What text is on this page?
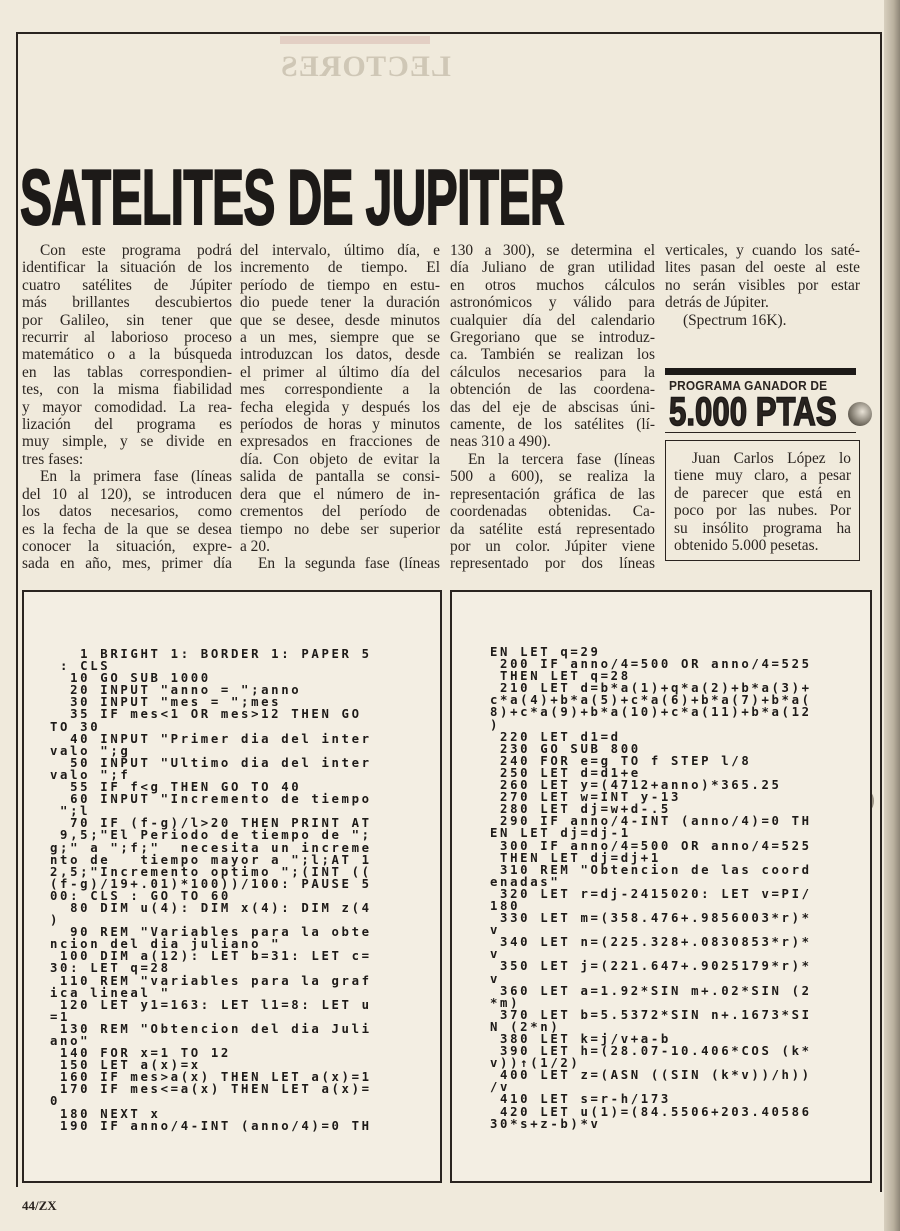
LECTORES
SATELITES DE JUPITER
Con este programa podrá
identificar la situación de los
cuatro satélites de Júpiter
más brillantes descubiertos
por Galileo, sin tener que
recurrir al laborioso proceso
matemático o a la búsqueda
en las tablas correspondien-
tes, con la misma fiabilidad
y mayor comodidad. La rea-
lización del programa es
muy simple, y se divide en
tres fases:
En la primera fase (líneas
del 10 al 120), se introducen
los datos necesarios, como
es la fecha de la que se desea
conocer la situación, expre-
sada en año, mes, primer día
del intervalo, último día, e
incremento de tiempo. El
período de tiempo en estu-
dio puede tener la duración
que se desee, desde minutos
a un mes, siempre que se
introduzcan los datos, desde
el primer al último día del
mes correspondiente a la
fecha elegida y después los
períodos de horas y minutos
expresados en fracciones de
día. Con objeto de evitar la
salida de pantalla se consi-
dera que el número de in-
crementos del período de
tiempo no debe ser superior
a 20.
En la segunda fase (líneas
130 a 300), se determina el
día Juliano de gran utilidad
en otros muchos cálculos
astronómicos y válido para
cualquier día del calendario
Gregoriano que se introduz-
ca. También se realizan los
cálculos necesarios para la
obtención de las coordena-
das del eje de abscisas úni-
camente, de los satélites (lí-
neas 310 a 490).
En la tercera fase (líneas
500 a 600), se realiza la
representación gráfica de las
coordenadas obtenidas. Ca-
da satélite está representado
por un color. Júpiter viene
representado por dos líneas
verticales, y cuando los saté-
lites pasan del oeste al este
no serán visibles por estar
detrás de Júpiter.
(Spectrum 16K).
PROGRAMA GANADOR DE
5.000 PTAS
Juan Carlos López lo
tiene muy claro, a pesar
de parecer que está en
poco por las nubes. Por
su insólito programa ha
obtenido 5.000 pesetas.
1 BRIGHT 1: BORDER 1: PAPER 5
: CLS
10 GO SUB 1000
20 INPUT "anno = ";anno
30 INPUT "mes = ";mes
35 IF mes<1 OR mes>12 THEN GO
TO 30
40 INPUT "Primer dia del inter
valo ";g
50 INPUT "Ultimo dia del inter
valo ";f
55 IF f<g THEN GO TO 40
60 INPUT "Incremento de tiempo
";l
70 IF (f-g)/l>20 THEN PRINT AT
9,5;"El Periodo de tiempo de ";
g;" a ";f;"  necesita un increme
nto de   tiempo mayor a ";l;AT 1
2,5;"Incremento optimo ";(INT ((
(f-g)/19+.01)*100))/100: PAUSE 5
00: CLS : GO TO 60
80 DIM u(4): DIM x(4): DIM z(4
)
90 REM "Variables para la obte
ncion del dia juliano "
100 DIM a(12): LET b=31: LET c=
30: LET q=28
110 REM "variables para la graf
ica lineal "
120 LET y1=163: LET l1=8: LET u
=1
130 REM "Obtencion del dia Juli
ano"
140 FOR x=1 TO 12
150 LET a(x)=x
160 IF mes>a(x) THEN LET a(x)=1
170 IF mes<=a(x) THEN LET a(x)=
0
180 NEXT x
190 IF anno/4-INT (anno/4)=0 TH
EN LET q=29
200 IF anno/4=500 OR anno/4=525
THEN LET q=28
210 LET d=b*a(1)+q*a(2)+b*a(3)+
c*a(4)+b*a(5)+c*a(6)+b*a(7)+b*a(
8)+c*a(9)+b*a(10)+c*a(11)+b*a(12
)
220 LET d1=d
230 GO SUB 800
240 FOR e=g TO f STEP l/8
250 LET d=d1+e
260 LET y=(4712+anno)*365.25
270 LET w=INT y-13
280 LET dj=w+d-.5
290 IF anno/4-INT (anno/4)=0 TH
EN LET dj=dj-1
300 IF anno/4=500 OR anno/4=525
THEN LET dj=dj+1
310 REM "Obtencion de las coord
enadas"
320 LET r=dj-2415020: LET v=PI/
180
330 LET m=(358.476+.9856003*r)*
v
340 LET n=(225.328+.0830853*r)*
v
350 LET j=(221.647+.9025179*r)*
v
360 LET a=1.92*SIN m+.02*SIN (2
*m)
370 LET b=5.5372*SIN n+.1673*SI
N (2*n)
380 LET k=j/v+a-b
390 LET h=(28.07-10.406*COS (k*
v))↑(1/2)
400 LET z=(ASN ((SIN (k*v))/h))
/v
410 LET s=r-h/173
420 LET u(1)=(84.5506+203.40586
30*s+z-b)*v
44/ZX
